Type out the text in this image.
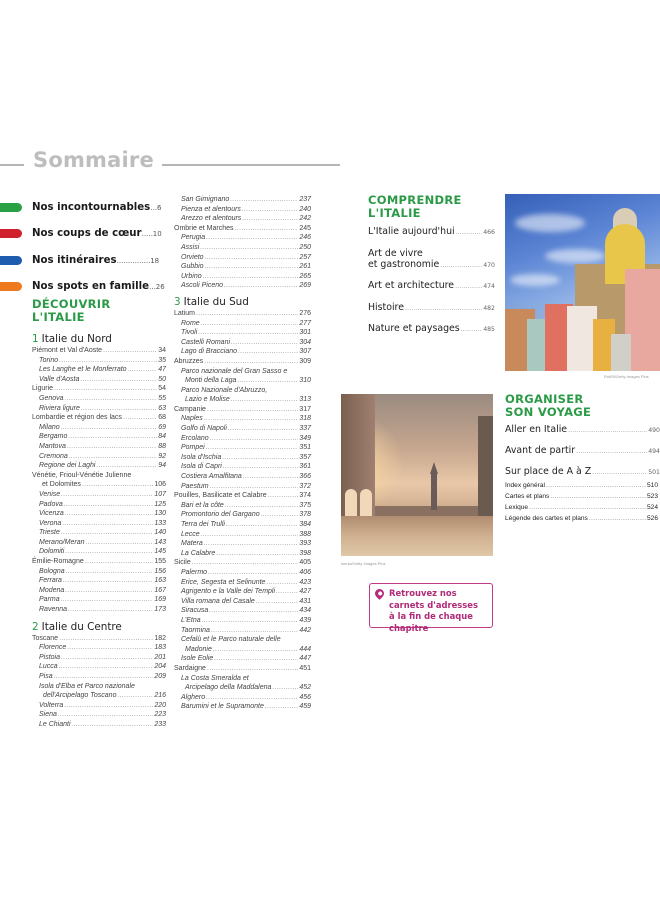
Sommaire
Nos incontournables...6
Nos coups de cœur.....10
Nos itinéraires...............18
Nos spots en famille...26
DÉCOUVRIR
L'ITALIE
1 Italie du Nord
Piémont et Val d'Aoste .....	34
Torino .....	35
Les Langhe et le Monferrato .....	47
Valle d'Aosta .....	50
Ligurie .....	54
Genova .....	55
Riviera ligure .....	63
Lombardie et région des lacs .....	68
Milano .....	69
Bergamo .....	84
Mantova .....	88
Cremona .....	92
Regione dei Laghi .....	94
Vénétie, Frioul-Vénétie Julienne
et Dolomites .....	106
Venise .....	107
Padova .....	125
Vicenza .....	130
Verona .....	133
Trieste .....	140
Merano/Meran .....	143
Dolomiti .....	145
Émilie-Romagne .....	155
Bologna .....	156
Ferrara .....	163
Modena .....	167
Parma .....	169
Ravenna .....	173
2 Italie du Centre
Toscane .....	182
Florence .....	183
Pistoia .....	201
Lucca .....	204
Pisa .....	209
Isola d'Elba et Parco nazionale
dell'Arcipelago Toscano .....	216
Volterra .....	220
Siena .....	223
Le Chianti .....	233
San Gimignano .....	237
Pienza et alentours .....	240
Arezzo et alentours .....	242
Ombrie et Marches .....	245
Perugia .....	246
Assisi .....	250
Orvieto .....	257
Gubbio .....	261
Urbino .....	265
Ascoli Piceno .....	269
3 Italie du Sud
Latium .....	276
Rome .....	277
Tivoli .....	301
Castelli Romani .....	304
Lago di Bracciano .....	307
Abruzzes .....	309
Parco nazionale del Gran Sasso e
Monti della Laga .....	310
Parco Nazionale d'Abruzzo,
Lazio e Molise .....	313
Campanie .....	317
Naples .....	318
Golfo di Napoli .....	337
Ercolano .....	349
Pompei .....	351
Isola d'Ischia .....	357
Isola di Capri .....	361
Costiera Amalfitana .....	366
Paestum .....	372
Pouilles, Basilicate et Calabre .....	374
Bari et la côte .....	375
Promontorio del Gargano .....	378
Terra dei Trulli .....	384
Lecce .....	388
Matera .....	393
La Calabre .....	398
Sicile .....	405
Palermo .....	406
Erice, Segesta et Selinunte .....	423
Agrigento e la Valle dei Templi .....	427
Villa romana del Casale .....	431
Siracusa .....	434
L'Etna .....	439
Taormina .....	442
Cefalù et le Parco naturale delle
Madonie .....	444
Isole Eolie .....	447
Sardaigne .....	451
La Costa Smeralda et
Arcipelago della Maddalena .....	452
Alghero .....	456
Barumini et le Supramonte .....	459
COMPRENDRE
L'ITALIE
L'Italie aujourd'hui .....	466
Art de vivre
et gastronomie .....	470
Art et architecture .....	474
Histoire .....	482
Nature et paysages .....	485
RolfSt/Getty Images Plus
Iseula/Getty Images Plus
ORGANISER
SON VOYAGE
Aller en Italie .....	490
Avant de partir .....	494
Sur place de A à Z .....	501
Index général .....	510
Cartes et plans .....	523
Lexique .....	524
Légende des cartes et plans .....	526
Retrouvez nos carnets d'adresses à la fin de chaque chapitre
